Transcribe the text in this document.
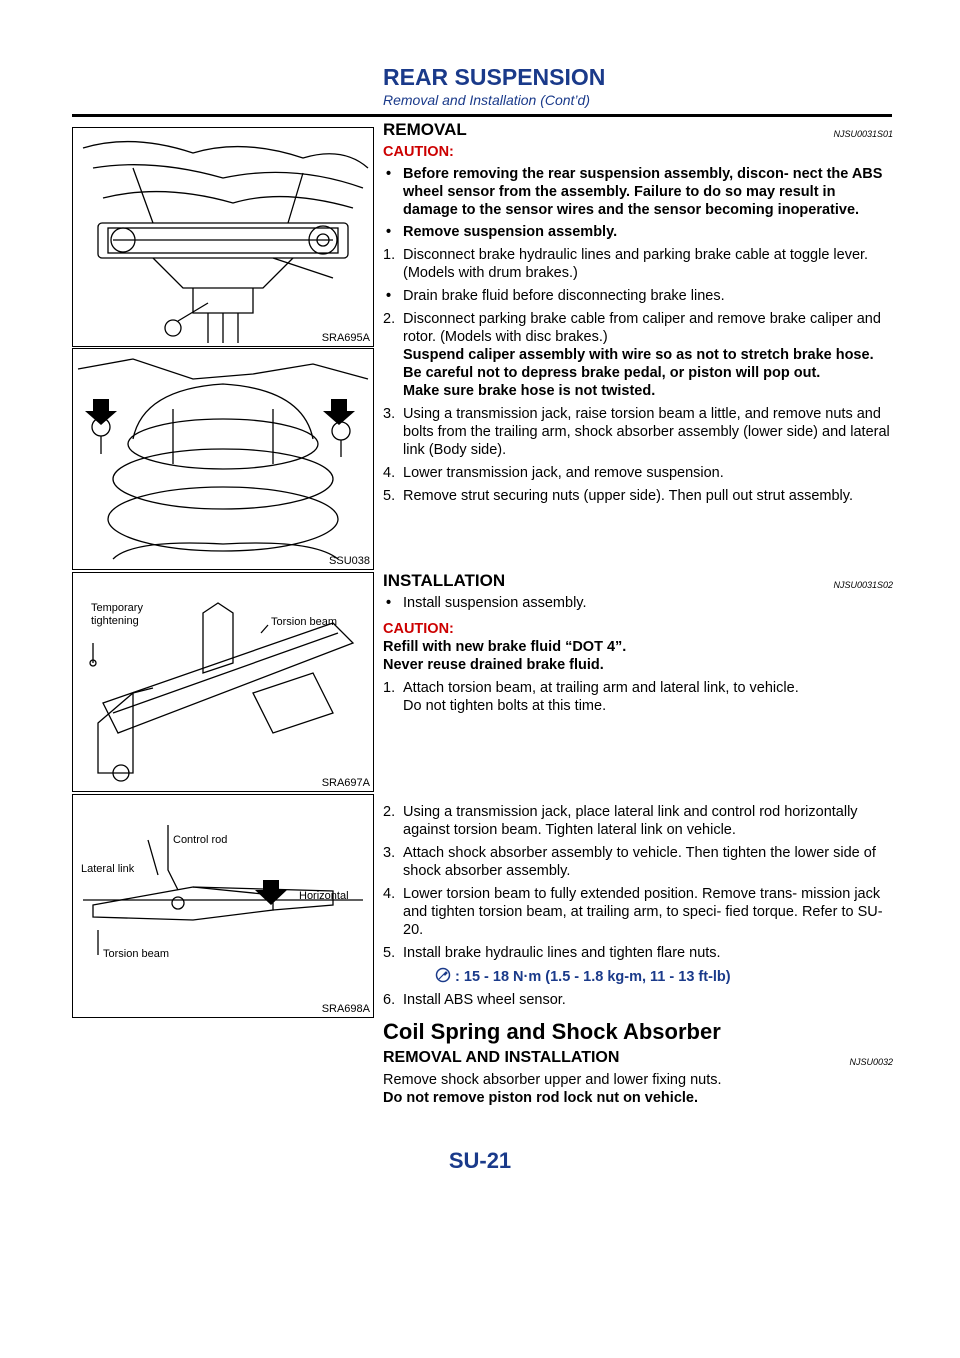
REAR SUSPENSION
Removal and Installation (Cont’d)
SRA695A
SSU038
Temporary
tightening	Torsion beam
SRA697A
Control rod
Lateral link
Horizontal
Torsion beam
SRA698A
REMOVAL	NJSU0031S01

CAUTION:

• Before removing the rear suspension assembly, discon- nect the ABS wheel sensor from the assembly. Failure to do so may result in damage to the sensor wires and the sensor becoming inoperative.
• Remove suspension assembly.
1. Disconnect brake hydraulic lines and parking brake cable at toggle lever. (Models with drum brakes.)
• Drain brake fluid before disconnecting brake lines.
2. Disconnect parking brake cable from caliper and remove brake caliper and rotor. (Models with disc brakes.)
Suspend caliper assembly with wire so as not to stretch brake hose.
Be careful not to depress brake pedal, or piston will pop out.
Make sure brake hose is not twisted.
3. Using a transmission jack, raise torsion beam a little, and remove nuts and bolts from the trailing arm, shock absorber assembly (lower side) and lateral link (Body side).
4. Lower transmission jack, and remove suspension.
5. Remove strut securing nuts (upper side). Then pull out strut assembly.
INSTALLATION	NJSU0031S02
• Install suspension assembly.

CAUTION:

Refill with new brake fluid “DOT 4”.
Never reuse drained brake fluid.
1. Attach torsion beam, at trailing arm and lateral link, to vehicle.
Do not tighten bolts at this time.
2. Using a transmission jack, place lateral link and control rod horizontally against torsion beam. Tighten lateral link on vehicle.
3. Attach shock absorber assembly to vehicle. Then tighten the lower side of shock absorber assembly.
4. Lower torsion beam to fully extended position. Remove trans- mission jack and tighten torsion beam, at trailing arm, to speci- fied torque. Refer to SU-20.
5. Install brake hydraulic lines and tighten flare nuts.
: 15 - 18 N·m (1.5 - 1.8 kg-m, 11 - 13 ft-lb)
6. Install ABS wheel sensor.
Coil Spring and Shock Absorber
REMOVAL AND INSTALLATION	NJSU0032
Remove shock absorber upper and lower fixing nuts.
Do not remove piston rod lock nut on vehicle.
SU-21
